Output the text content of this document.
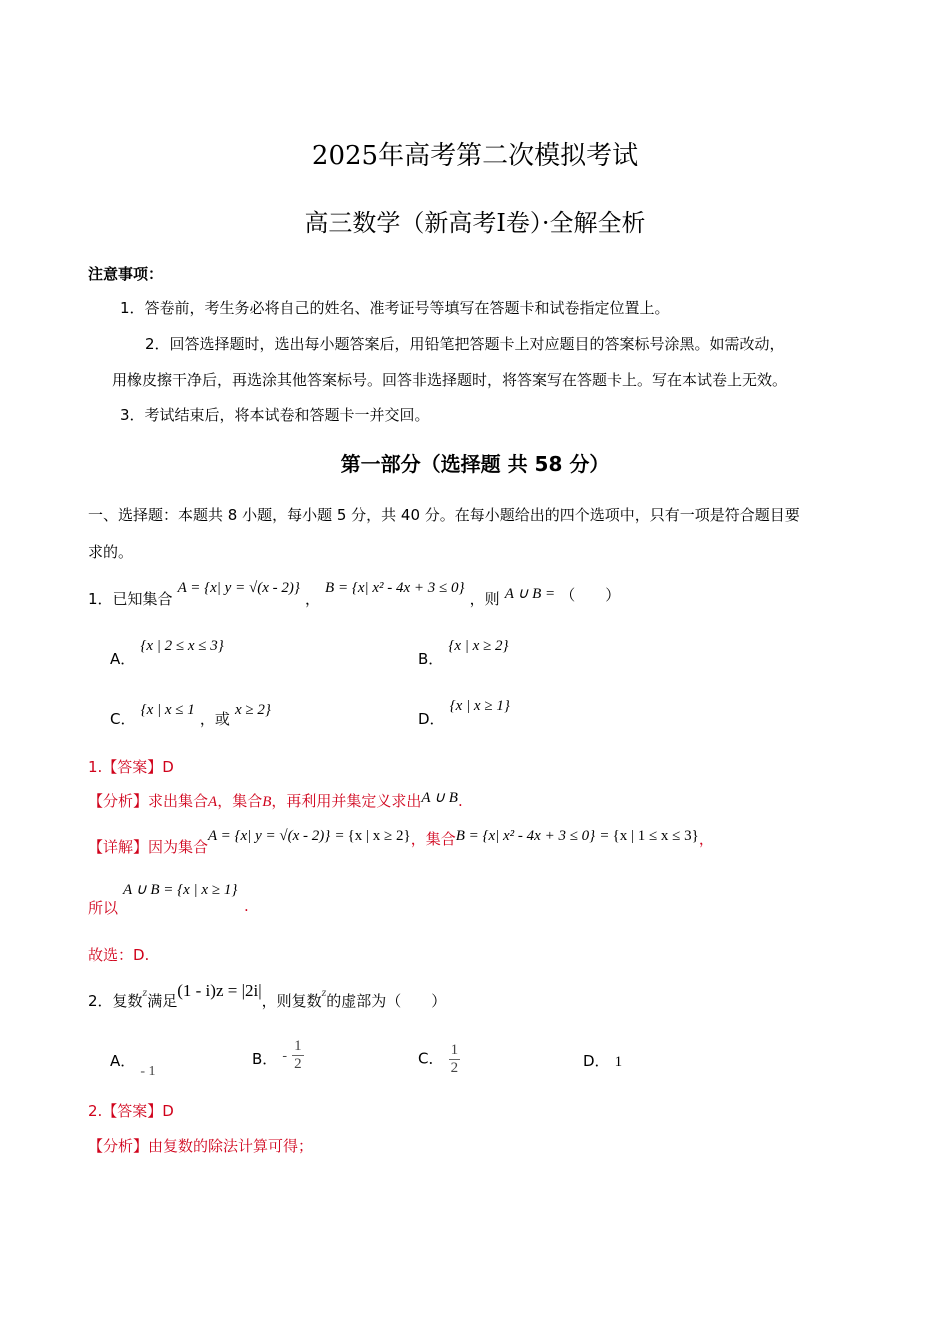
2025年高考第二次模拟考试
高三数学（新高考Ⅰ卷）·全解全析
注意事项：
1．答卷前，考生务必将自己的姓名、准考证号等填写在答题卡和试卷指定位置上。
2．回答选择题时，选出每小题答案后，用铅笔把答题卡上对应题目的答案标号涂黑。如需改动，
用橡皮擦干净后，再选涂其他答案标号。回答非选择题时，将答案写在答题卡上。写在本试卷上无效。
3．考试结束后，将本试卷和答题卡一并交回。
第一部分（选择题 共 58 分）
一、选择题：本题共 8 小题，每小题 5 分，共 40 分。在每小题给出的四个选项中，只有一项是符合题目要
求的。
1．已知集合 A = {x| y = √(x - 2)} ， B = {x| x² - 4x + 3 ≤ 0} ，则 A ∪ B = （　　）
A． {x | 2 ≤ x ≤ 3}
B． {x | x ≥ 2}
C． {x | x ≤ 1 ，或 x ≥ 2}	D． {x | x ≥ 1}
1.【答案】D
【分析】求出集合A，集合B，再利用并集定义求出A ∪ B.
【详解】因为集合A = {x| y = √(x - 2)} = {x | x ≥ 2}，集合B = {x| x² - 4x + 3 ≤ 0} = {x | 1 ≤ x ≤ 3}，
A ∪ B = {x | x ≥ 1}
所以	.
故选：D.
2．复数z满足(1 - i)z = |2i|，则复数z的虚部为（　　）
A． - 1
B． - $\frac{1}{2}$	C． $\frac{1}{2}$	D． 1
2.【答案】D
【分析】由复数的除法计算可得；
